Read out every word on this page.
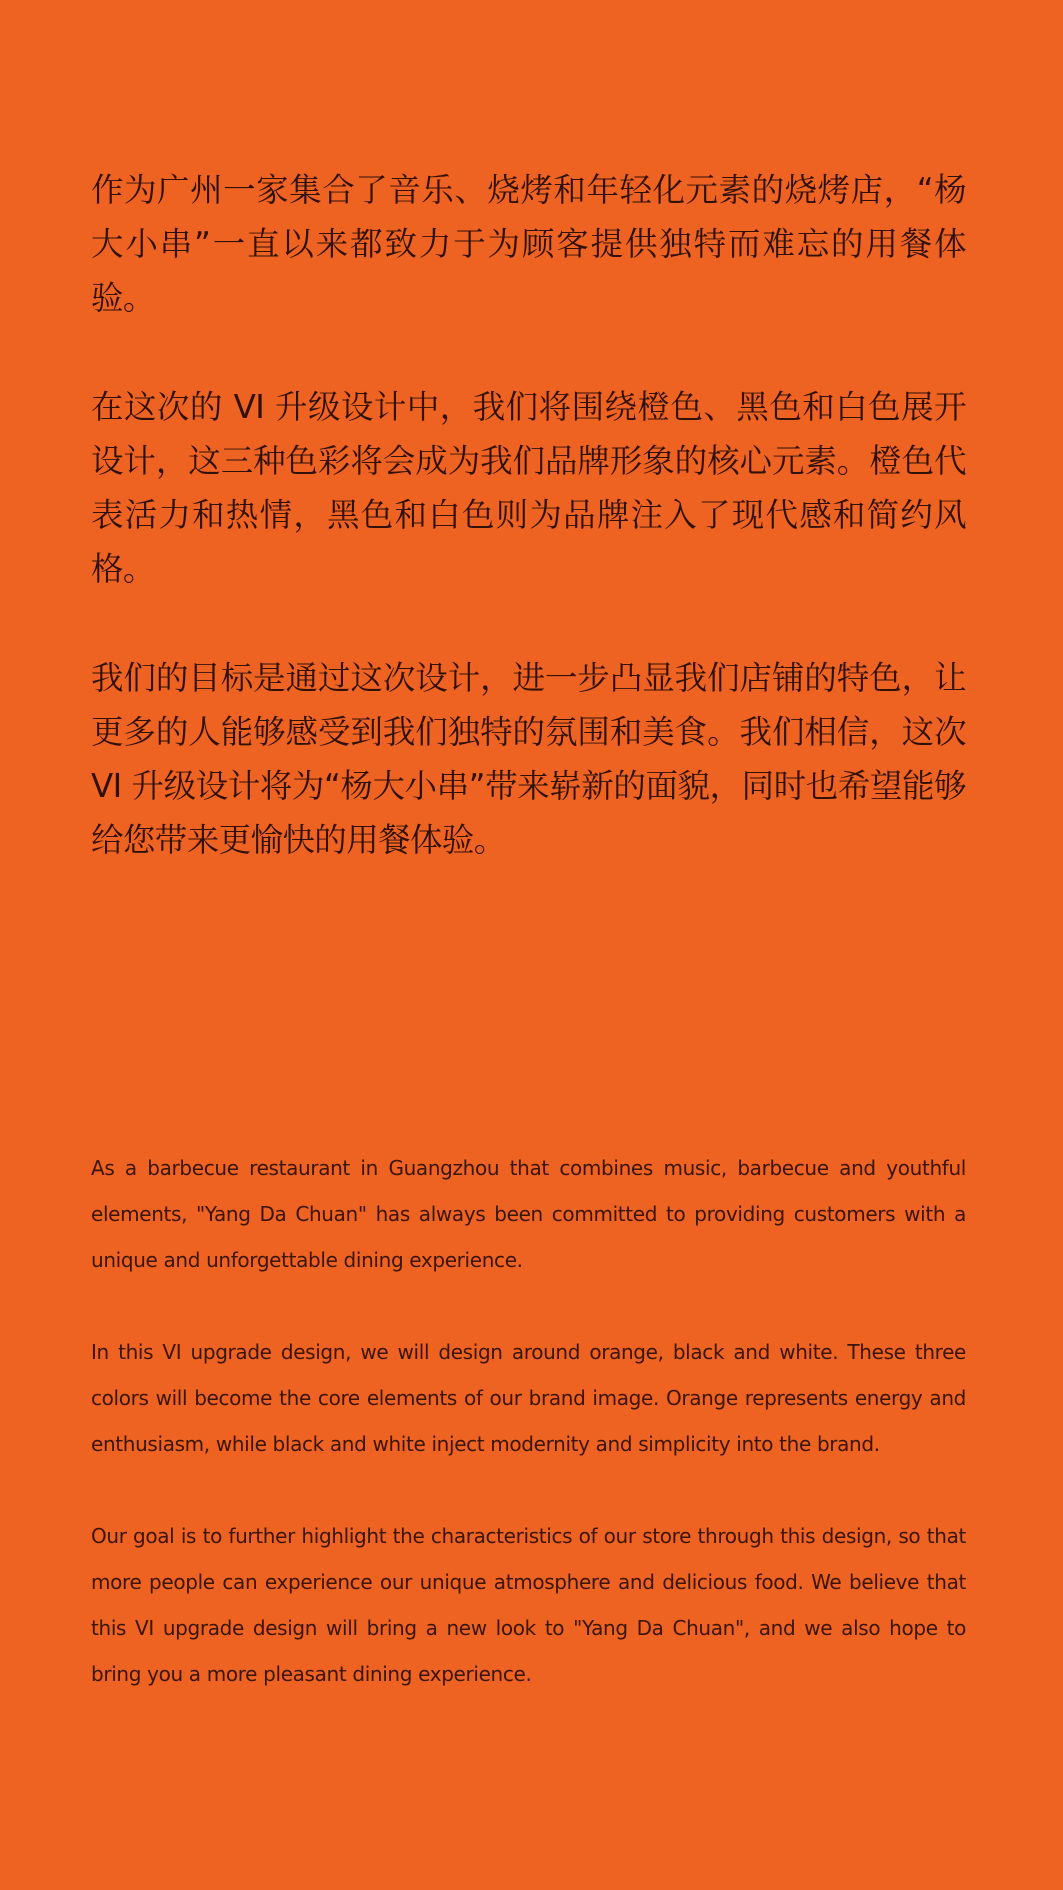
作为广州一家集合了音乐、烧烤和年轻化元素的烧烤店，“杨大小串”一直以来都致力于为顾客提供独特而难忘的用餐体验。

在这次的 VI 升级设计中，我们将围绕橙色、黑色和白色展开设计，这三种色彩将会成为我们品牌形象的核心元素。橙色代表活力和热情，黑色和白色则为品牌注入了现代感和简约风格。

我们的目标是通过这次设计，进一步凸显我们店铺的特色，让更多的人能够感受到我们独特的氛围和美食。我们相信，这次 VI 升级设计将为“杨大小串”带来崭新的面貌，同时也希望能够给您带来更愉快的用餐体验。

As a barbecue restaurant in Guangzhou that combines music, barbecue and youthful elements, "Yang Da Chuan" has always been committed to providing customers with a unique and unforgettable dining experience.

In this VI upgrade design, we will design around orange, black and white. These three colors will become the core elements of our brand image. Orange represents energy and enthusiasm, while black and white inject modernity and simplicity into the brand.

Our goal is to further highlight the characteristics of our store through this design, so that more people can experience our unique atmosphere and delicious food. We believe that this VI upgrade design will bring a new look to "Yang Da Chuan", and we also hope to bring you a more pleasant dining experience.
